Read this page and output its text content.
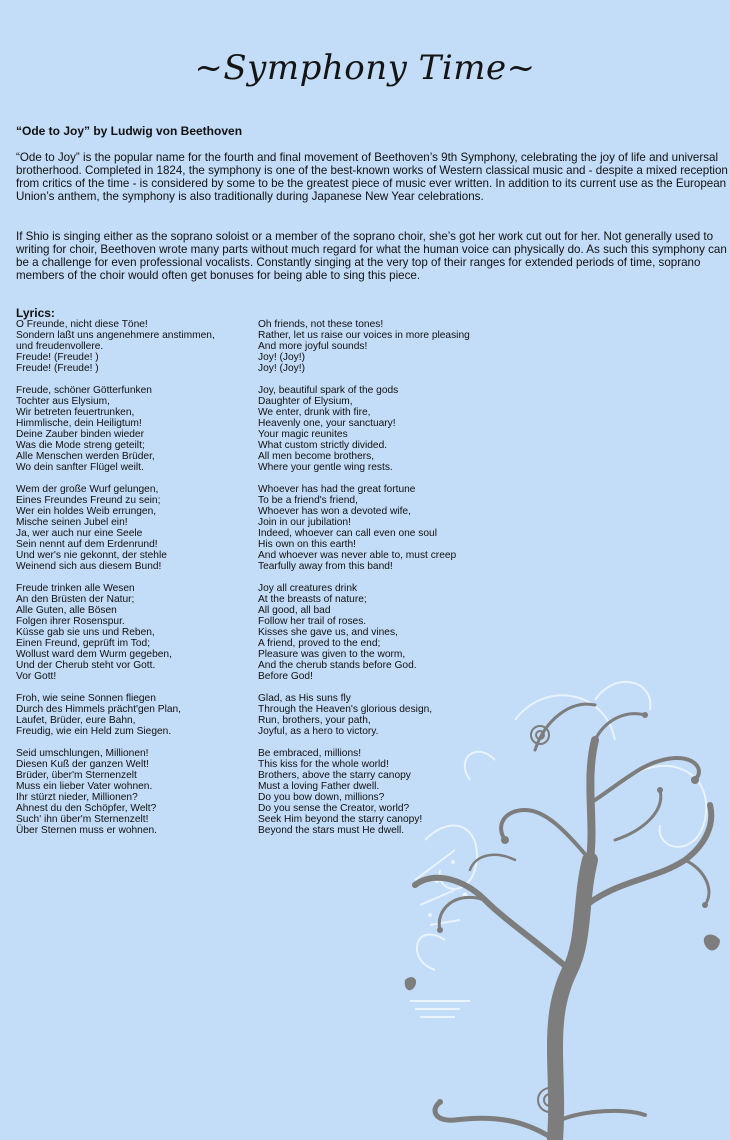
~Symphony Time~
“Ode to Joy” by Ludwig von Beethoven

“Ode to Joy” is the popular name for the fourth and final movement of Beethoven’s 9th Symphony, celebrating the joy of life and universal brotherhood. Completed in 1824, the symphony is one of the best-known works of Western classical music and - despite a mixed reception from critics of the time - is considered by some to be the greatest piece of music ever written. In addition to its current use as the European Union’s anthem, the symphony is also traditionally during Japanese New Year celebrations.

If Shio is singing either as the soprano soloist or a member of the soprano choir, she’s got her work cut out for her. Not generally used to writing for choir, Beethoven wrote many parts without much regard for what the human voice can physically do. As such this symphony can be a challenge for even professional vocalists. Constantly singing at the very top of their ranges for extended periods of time, soprano members of the choir would often get bonuses for being able to sing this piece.

Lyrics:
O Freunde, nicht diese Töne!
Sondern laßt uns angenehmere anstimmen,
und freudenvollere.
Freude! (Freude! )
Freude! (Freude! )
Freude, schöner Götterfunken
Tochter aus Elysium,
Wir betreten feuertrunken,
Himmlische, dein Heiligtum!
Deine Zauber binden wieder
Was die Mode streng geteilt;
Alle Menschen werden Brüder,
Wo dein sanfter Flügel weilt.
Wem der große Wurf gelungen,
Eines Freundes Freund zu sein;
Wer ein holdes Weib errungen,
Mische seinen Jubel ein!
Ja, wer auch nur eine Seele
Sein nennt auf dem Erdenrund!
Und wer's nie gekonnt, der stehle
Weinend sich aus diesem Bund!
Freude trinken alle Wesen
An den Brüsten der Natur;
Alle Guten, alle Bösen
Folgen ihrer Rosenspur.
Küsse gab sie uns und Reben,
Einen Freund, geprüft im Tod;
Wollust ward dem Wurm gegeben,
Und der Cherub steht vor Gott.
Vor Gott!
Froh, wie seine Sonnen fliegen
Durch des Himmels prächt'gen Plan,
Laufet, Brüder, eure Bahn,
Freudig, wie ein Held zum Siegen.
Seid umschlungen, Millionen!
Diesen Kuß der ganzen Welt!
Brüder, über'm Sternenzelt
Muss ein lieber Vater wohnen.
Ihr stürzt nieder, Millionen?
Ahnest du den Schöpfer, Welt?
Such' ihn über'm Sternenzelt!
Über Sternen muss er wohnen.
Oh friends, not these tones!
Rather, let us raise our voices in more pleasing
And more joyful sounds!
Joy! (Joy!)
Joy! (Joy!)
Joy, beautiful spark of the gods
Daughter of Elysium,
We enter, drunk with fire,
Heavenly one, your sanctuary!
Your magic reunites
What custom strictly divided.
All men become brothers,
Where your gentle wing rests.
Whoever has had the great fortune
To be a friend's friend,
Whoever has won a devoted wife,
Join in our jubilation!
Indeed, whoever can call even one soul
His own on this earth!
And whoever was never able to, must creep
Tearfully away from this band!
Joy all creatures drink
At the breasts of nature;
All good, all bad
Follow her trail of roses.
Kisses she gave us, and vines,
A friend, proved to the end;
Pleasure was given to the worm,
And the cherub stands before God.
Before God!
Glad, as His suns fly
Through the Heaven's glorious design,
Run, brothers, your path,
Joyful, as a hero to victory.
Be embraced, millions!
This kiss for the whole world!
Brothers, above the starry canopy
Must a loving Father dwell.
Do you bow down, millions?
Do you sense the Creator, world?
Seek Him beyond the starry canopy!
Beyond the stars must He dwell.
